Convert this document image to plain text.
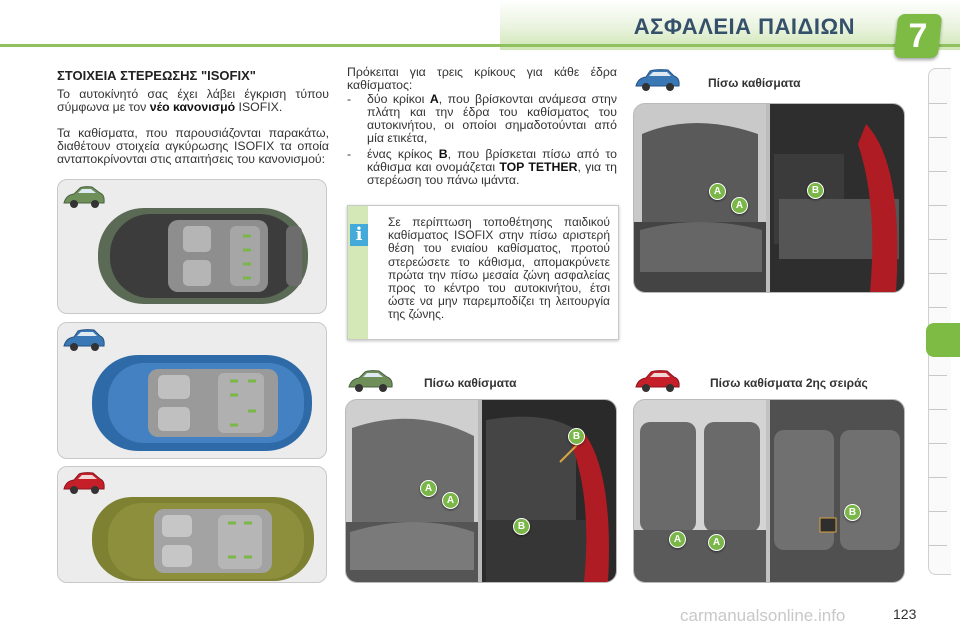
ΑΣΦΑΛΕΙΑ ΠΑΙΔΙΩΝ	7
ΣΤΟΙΧΕΙΑ ΣΤΕΡΕΩΣΗΣ "ISOFIX"

Το αυτοκίνητό σας έχει λάβει έγκριση τύπου σύμφωνα με τον νέο κανονισμό ISOFIX.

Τα καθίσματα, που παρουσιάζονται παρακάτω, διαθέτουν στοιχεία αγκύρωσης ISOFIX τα οποία ανταποκρίνονται στις απαιτήσεις του κανονισμού:

Πρόκειται για τρεις κρίκους για κάθε έδρα καθίσματος:

- δύο κρίκοι A, που βρίσκονται ανάμεσα στην πλάτη και την έδρα του καθίσματος του αυτοκινήτου, οι οποίοι σημαδοτούνται από μία ετικέτα,
- ένας κρίκος B, που βρίσκεται πίσω από το κάθισμα και ονομάζεται TOP TETHER, για τη στερέωση του πάνω ιμάντα.
i
Σε περίπτωση τοποθέτησης παιδικού καθίσματος ISOFIX στην πίσω αριστερή θέση του ενιαίου καθίσματος, προτού στερεώσετε το κάθισμα, απομακρύνετε πρώτα την πίσω μεσαία ζώνη ασφαλείας προς το κέντρο του αυτοκινήτου, έτσι ώστε να μην παρεμποδίζει τη λειτουργία της ζώνης.
Πίσω καθίσματα
Πίσω καθίσματα	Πίσω καθίσματα 2ης σειράς
A
A
B
A
A
B
B
A	A
B
carmanualsonline.info	123
